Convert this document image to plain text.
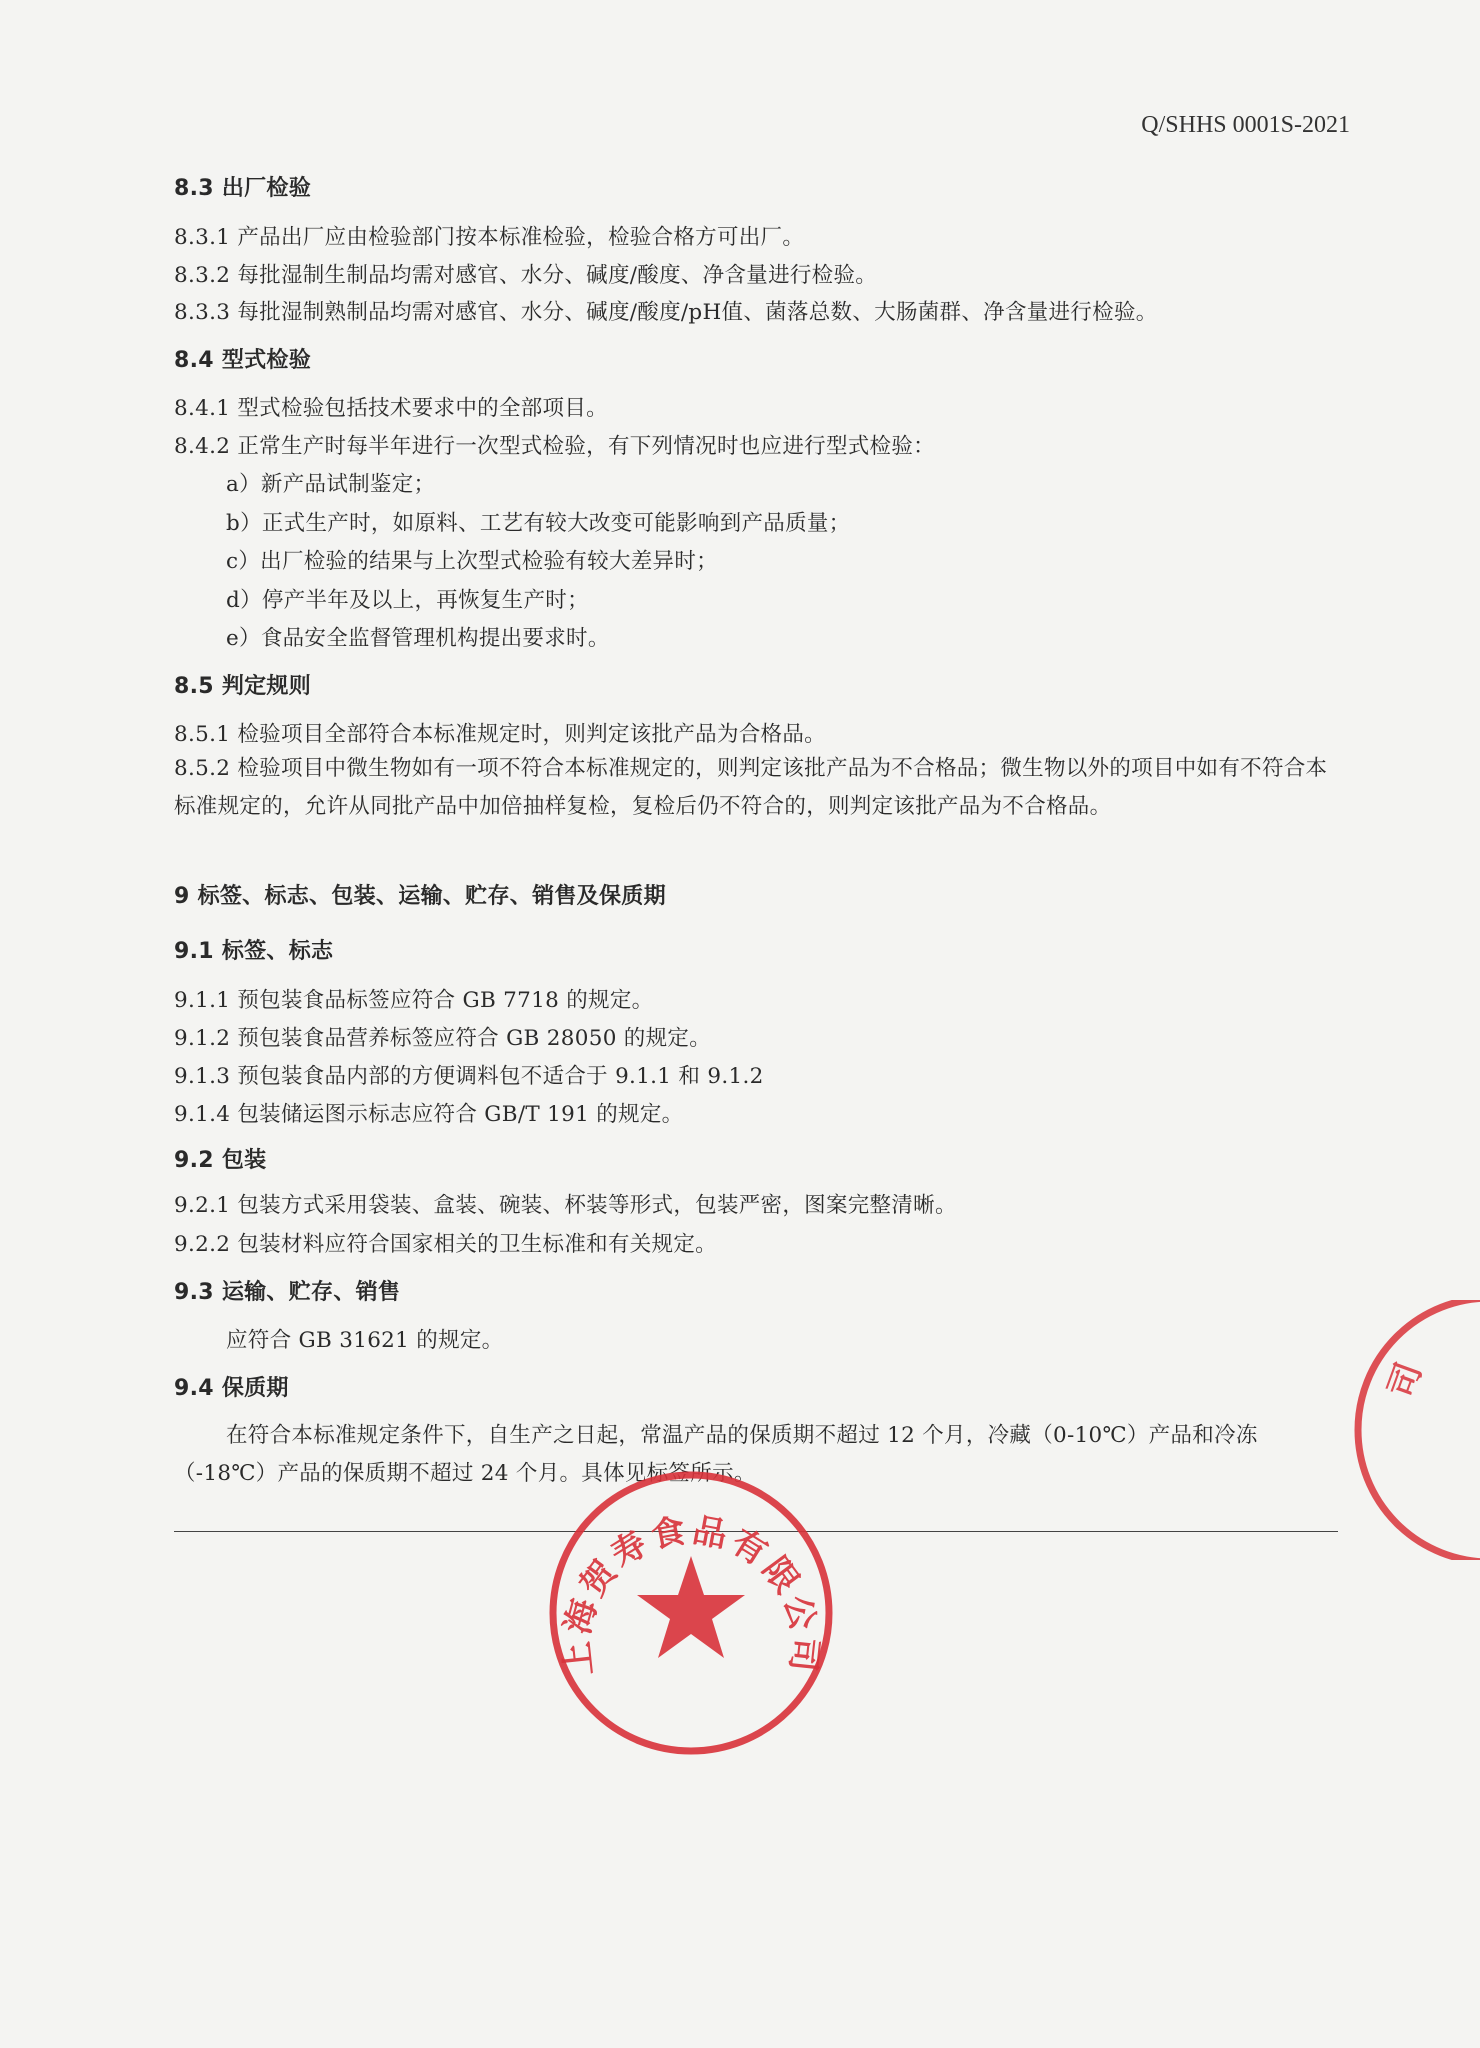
Q/SHHS 0001S-2021
8.3 出厂检验
8.3.1 产品出厂应由检验部门按本标准检验，检验合格方可出厂。
8.3.2 每批湿制生制品均需对感官、水分、碱度/酸度、净含量进行检验。
8.3.3 每批湿制熟制品均需对感官、水分、碱度/酸度/pH值、菌落总数、大肠菌群、净含量进行检验。
8.4 型式检验
8.4.1 型式检验包括技术要求中的全部项目。
8.4.2 正常生产时每半年进行一次型式检验，有下列情况时也应进行型式检验：
a）新产品试制鉴定；
b）正式生产时，如原料、工艺有较大改变可能影响到产品质量；
c）出厂检验的结果与上次型式检验有较大差异时；
d）停产半年及以上，再恢复生产时；
e）食品安全监督管理机构提出要求时。
8.5 判定规则
8.5.1 检验项目全部符合本标准规定时，则判定该批产品为合格品。
8.5.2 检验项目中微生物如有一项不符合本标准规定的，则判定该批产品为不合格品；微生物以外的项目中如有不符合本标准规定的，允许从同批产品中加倍抽样复检，复检后仍不符合的，则判定该批产品为不合格品。
9 标签、标志、包装、运输、贮存、销售及保质期
9.1 标签、标志
9.1.1 预包装食品标签应符合 GB 7718 的规定。
9.1.2 预包装食品营养标签应符合 GB 28050 的规定。
9.1.3 预包装食品内部的方便调料包不适合于 9.1.1 和 9.1.2
9.1.4 包装储运图示标志应符合 GB/T 191 的规定。
9.2 包装
9.2.1 包装方式采用袋装、盒装、碗装、杯装等形式，包装严密，图案完整清晰。
9.2.2 包装材料应符合国家相关的卫生标准和有关规定。
9.3 运输、贮存、销售
应符合 GB 31621 的规定。
9.4 保质期
在符合本标准规定条件下，自生产之日起，常温产品的保质期不超过 12 个月，冷藏（0-10℃）产品和冷冻（-18℃）产品的保质期不超过 24 个月。具体见标签所示。
上海贺寿食品有限公司
司
